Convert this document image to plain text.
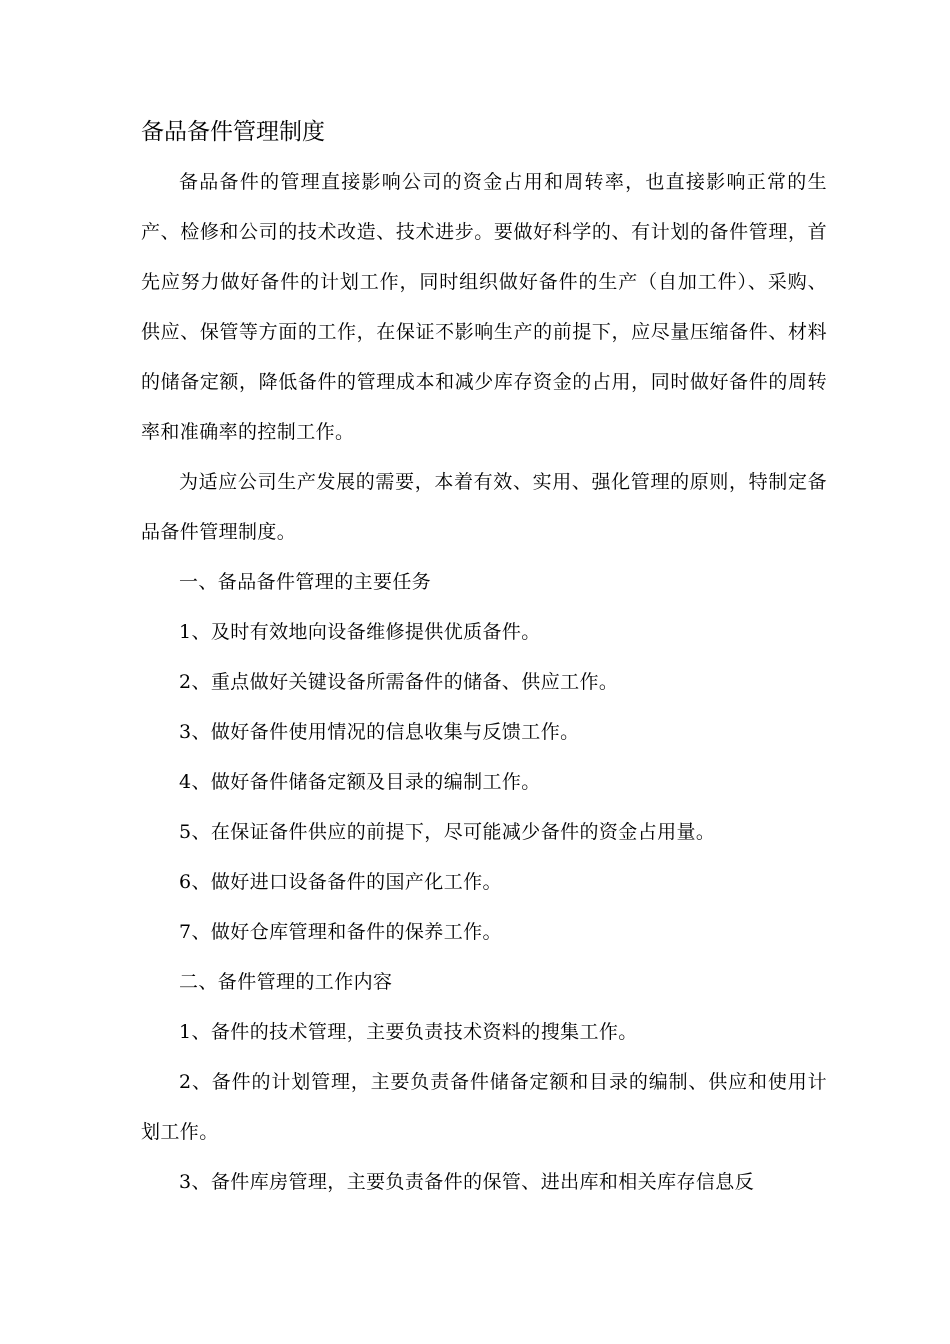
备品备件管理制度

备品备件的管理直接影响公司的资金占用和周转率，也直接影响正常的生产、检修和公司的技术改造、技术进步。要做好科学的、有计划的备件管理，首先应努力做好备件的计划工作，同时组织做好备件的生产（自加工件）、采购、供应、保管等方面的工作，在保证不影响生产的前提下，应尽量压缩备件、材料的储备定额，降低备件的管理成本和减少库存资金的占用，同时做好备件的周转率和准确率的控制工作。

为适应公司生产发展的需要，本着有效、实用、强化管理的原则，特制定备品备件管理制度。

一、备品备件管理的主要任务

1、及时有效地向设备维修提供优质备件。

2、重点做好关键设备所需备件的储备、供应工作。

3、做好备件使用情况的信息收集与反馈工作。

4、做好备件储备定额及目录的编制工作。

5、在保证备件供应的前提下，尽可能减少备件的资金占用量。

6、做好进口设备备件的国产化工作。

7、做好仓库管理和备件的保养工作。

二、备件管理的工作内容

1、备件的技术管理，主要负责技术资料的搜集工作。

2、备件的计划管理，主要负责备件储备定额和目录的编制、供应和使用计划工作。

3、备件库房管理，主要负责备件的保管、进出库和相关库存信息反
